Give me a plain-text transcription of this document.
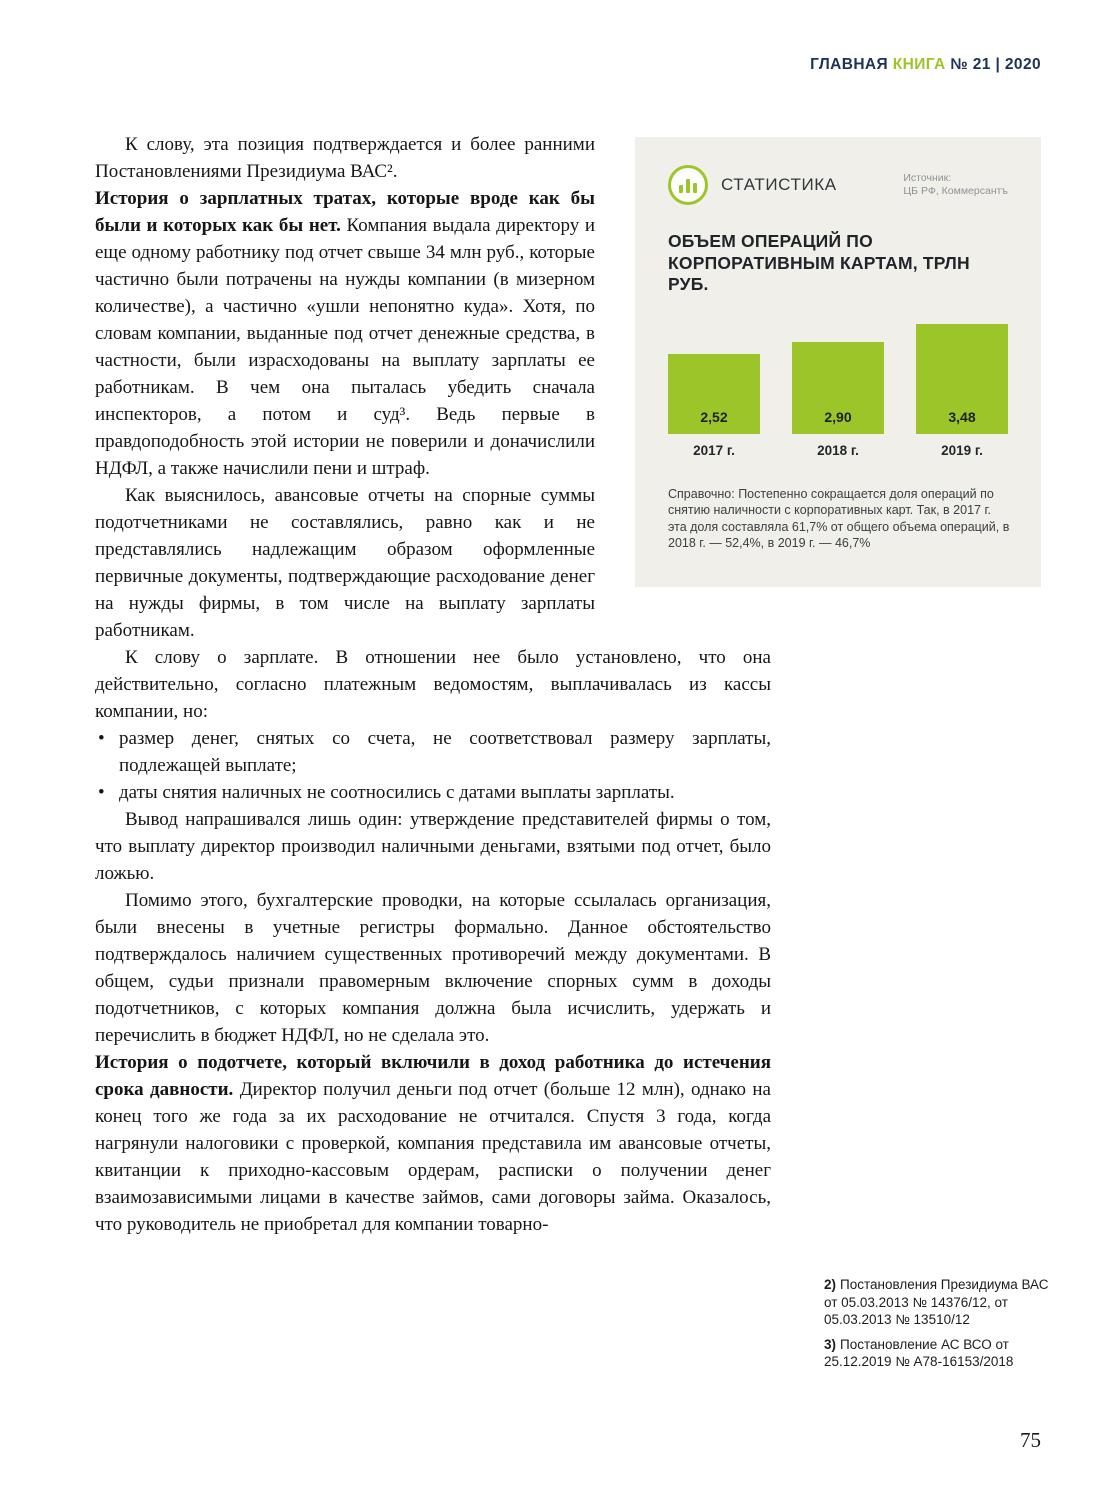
ГЛАВНАЯ КНИГА № 21 | 2020

К слову, эта позиция подтверждается и более ранними Постановлениями Президиума ВАС².

История о зарплатных тратах, которые вроде как бы были и которых как бы нет. Компания выдала директору и еще одному работнику под отчет свыше 34 млн руб., которые частично были потрачены на нужды компании (в мизерном количестве), а частично «ушли непонятно куда». Хотя, по словам компании, выданные под отчет денежные средства, в частности, были израсходованы на выплату зарплаты ее работникам. В чем она пыталась убедить сначала инспекторов, а потом и суд³. Ведь первые в правдоподобность этой истории не поверили и доначислили НДФЛ, а также начислили пени и штраф.

Как выяснилось, авансовые отчеты на спорные суммы подотчетниками не составлялись, равно как и не представлялись надлежащим образом оформленные первичные документы, подтверждающие расходование денег на нужды фирмы, в том числе на выплату зарплаты работникам.

К слову о зарплате. В отношении нее было установлено, что она действительно, согласно платежным ведомостям, выплачивалась из кассы компании, но:

• размер денег, снятых со счета, не соответствовал размеру зарплаты, подлежащей выплате;
• даты снятия наличных не соотносились с датами выплаты зарплаты.

Вывод напрашивался лишь один: утверждение представителей фирмы о том, что выплату директор производил наличными деньгами, взятыми под отчет, было ложью.

Помимо этого, бухгалтерские проводки, на которые ссылалась организация, были внесены в учетные регистры формально. Данное обстоятельство подтверждалось наличием существенных противоречий между документами. В общем, судьи признали правомерным включение спорных сумм в доходы подотчетников, с которых компания должна была исчислить, удержать и перечислить в бюджет НДФЛ, но не сделала это.

История о подотчете, который включили в доход работника до истечения срока давности. Директор получил деньги под отчет (больше 12 млн), однако на конец того же года за их расходование не отчитался. Спустя 3 года, когда нагрянули налоговики с проверкой, компания представила им авансовые отчеты, квитанции к приходно-кассовым ордерам, расписки о получении денег взаимозависимыми лицами в качестве займов, сами договоры займа. Оказалось, что руководитель не приобретал для компании товарно-

СТАТИСТИКА	Источник:
ЦБ РФ, Коммерсантъ
ОБЪЕМ ОПЕРАЦИЙ ПО КОРПОРАТИВНЫМ КАРТАМ, ТРЛН РУБ.
2,52	2,90	3,48
2017 г.	2018 г.	2019 г.
Справочно: Постепенно сокращается доля операций по снятию наличности с корпоративных карт. Так, в 2017 г. эта доля составляла 61,7% от общего объема операций, в 2018 г. — 52,4%, в 2019 г. — 46,7%
2) Постановления Президиума ВАС от 05.03.2013 № 14376/12, от 05.03.2013 № 13510/12
3) Постановление АС ВСО от 25.12.2019 № А78-16153/2018
75
